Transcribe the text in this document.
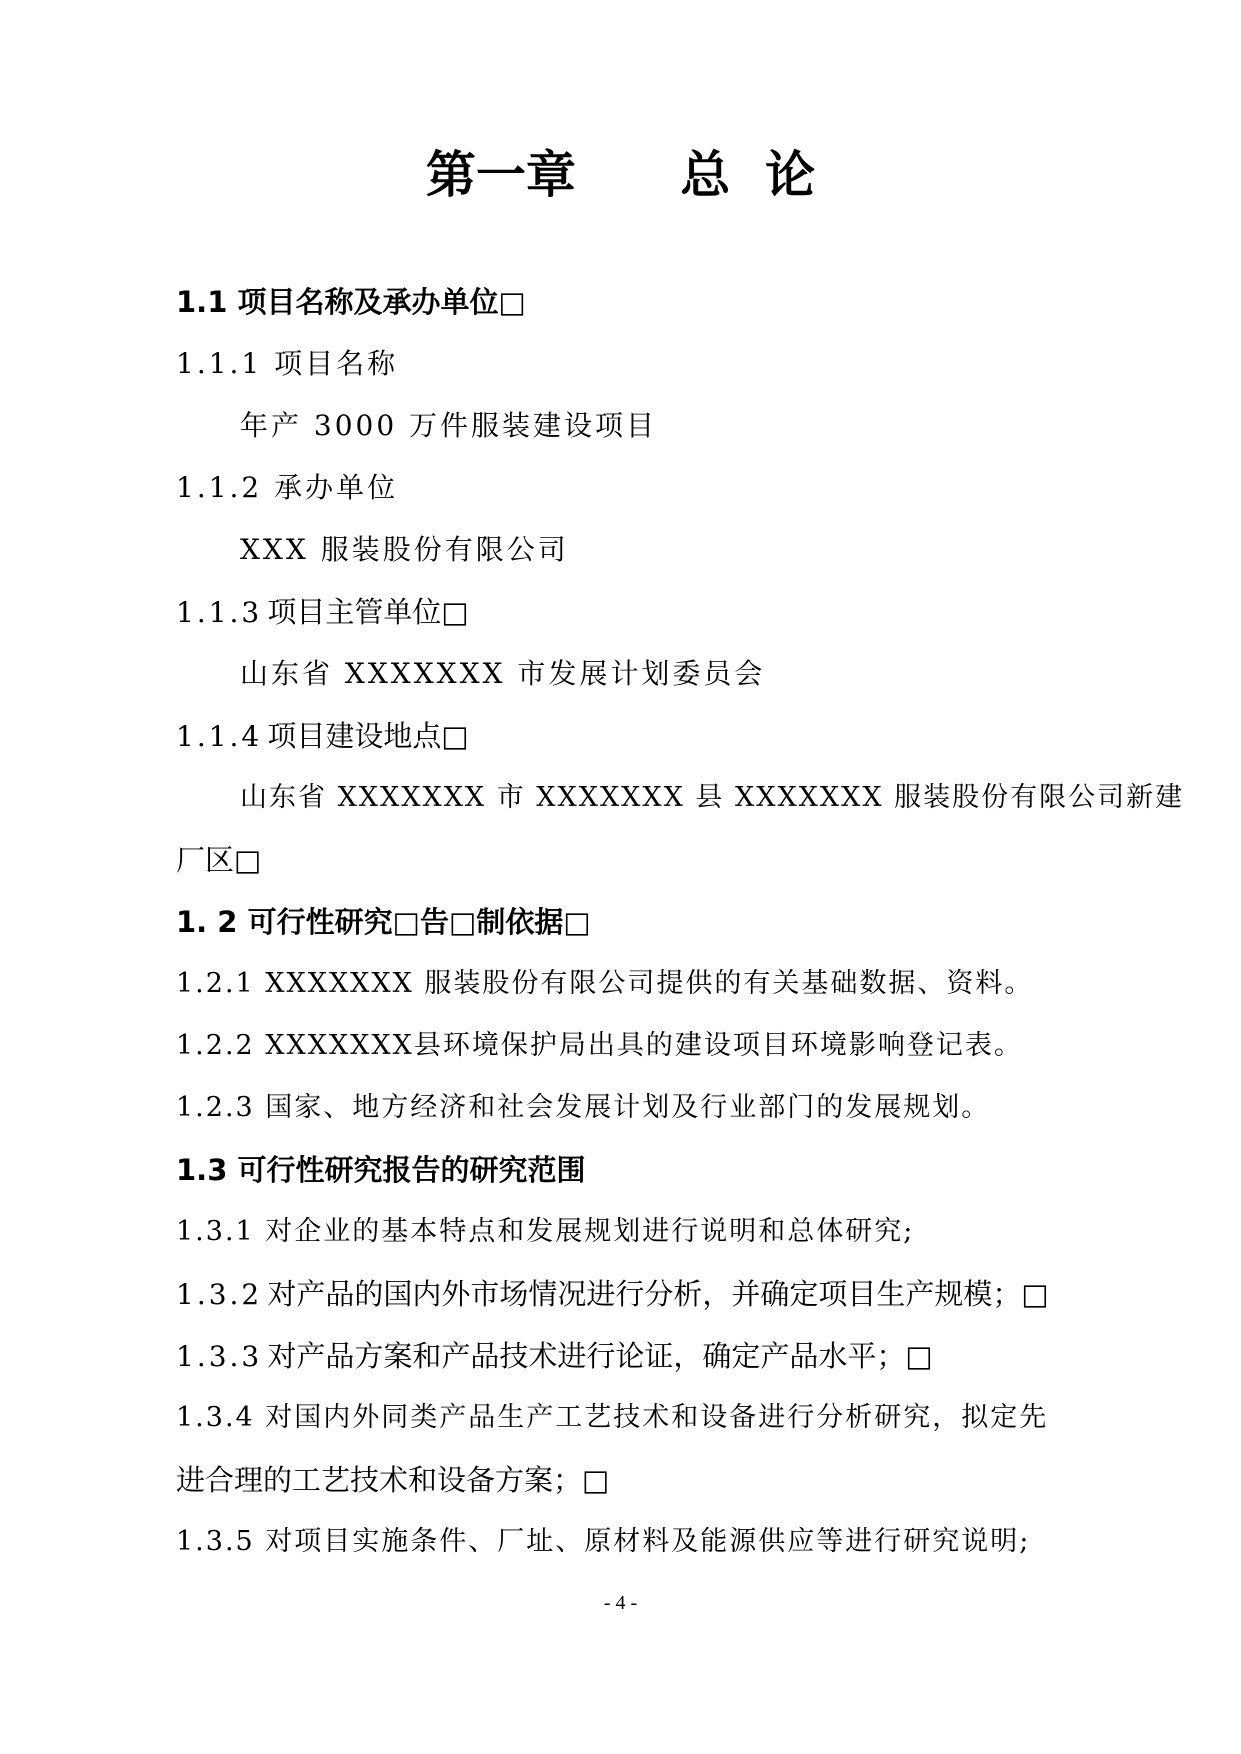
第一章      总  论
1.1 项目名称及承办单位□
1.1.1 项目名称
年产 3000 万件服装建设项目
1.1.2 承办单位
XXX 服装股份有限公司
1.1.3 项目主管单位□
山东省 XXXXXXX 市发展计划委员会
1.1.4 项目建设地点□
山东省 XXXXXXX 市 XXXXXXX 县 XXXXXXX 服装股份有限公司新建
厂区□
1. 2 可行性研究□告□制依据□
1.2.1 XXXXXXX 服装股份有限公司提供的有关基础数据、资料。
1.2.2 XXXXXXX县环境保护局出具的建设项目环境影响登记表。
1.2.3 国家、地方经济和社会发展计划及行业部门的发展规划。
1.3 可行性研究报告的研究范围
1.3.1 对企业的基本特点和发展规划进行说明和总体研究;
1.3.2 对产品的国内外市场情况进行分析，并确定项目生产规模；□
1.3.3 对产品方案和产品技术进行论证，确定产品水平；□
1.3.4 对国内外同类产品生产工艺技术和设备进行分析研究，拟定先
进合理的工艺技术和设备方案；□
1.3.5 对项目实施条件、厂址、原材料及能源供应等进行研究说明;
- 4 -
